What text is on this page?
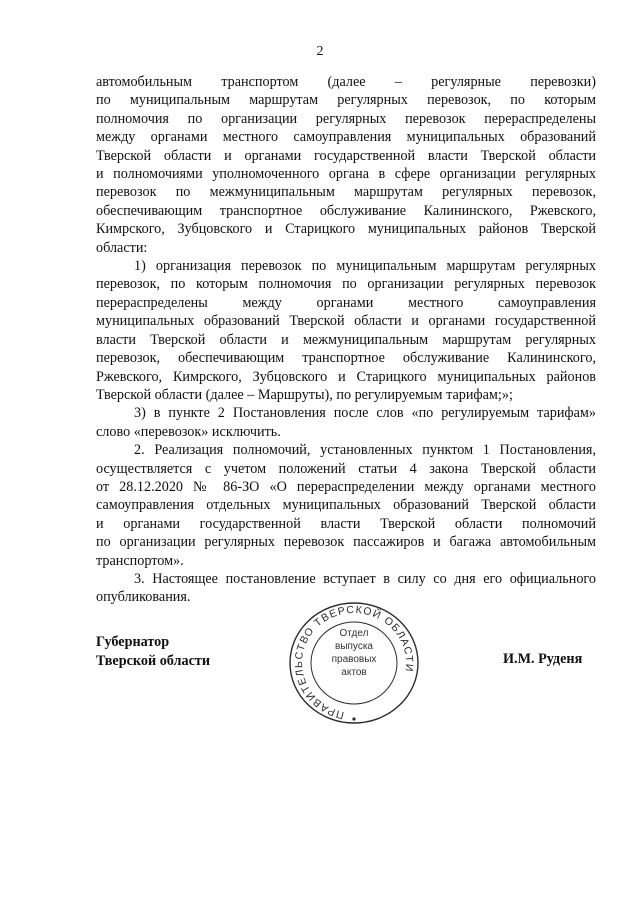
2

автомобильным транспортом (далее – регулярные перевозки)
по муниципальным маршрутам регулярных перевозок, по которым
полномочия по организации регулярных перевозок перераспределены
между органами местного самоуправления муниципальных образований
Тверской области и органами государственной власти Тверской области
и полномочиями уполномоченного органа в сфере организации регулярных
перевозок по межмуниципальным маршрутам регулярных перевозок,
обеспечивающим транспортное обслуживание Калининского, Ржевского,
Кимрского, Зубцовского и Старицкого муниципальных районов Тверской
области:

1) организация перевозок по муниципальным маршрутам регулярных
перевозок, по которым полномочия по организации регулярных перевозок
перераспределены между органами местного самоуправления
муниципальных образований Тверской области и органами государственной
власти Тверской области и межмуниципальным маршрутам регулярных
перевозок, обеспечивающим транспортное обслуживание Калининского,
Ржевского, Кимрского, Зубцовского и Старицкого муниципальных районов
Тверской области (далее – Маршруты), по регулируемым тарифам;»;

3) в пункте 2 Постановления после слов «по регулируемым тарифам»
слово «перевозок» исключить.

2. Реализация полномочий, установленных пунктом 1 Постановления,
осуществляется с учетом положений статьи 4 закона Тверской области
от 28.12.2020 № 86-ЗО «О перераспределении между органами местного
самоуправления отдельных муниципальных образований Тверской области
и органами государственной власти Тверской области полномочий
по организации регулярных перевозок пассажиров и багажа автомобильным
транспортом».

3. Настоящее постановление вступает в силу со дня его официального
опубликования.

Губернатор
Тверской области
ПРАВИТЕЛЬСТВО ТВЕРСКОЙ ОБЛАСТИ
Отдел
выпуска
правовых
актов
И.М. Руденя
